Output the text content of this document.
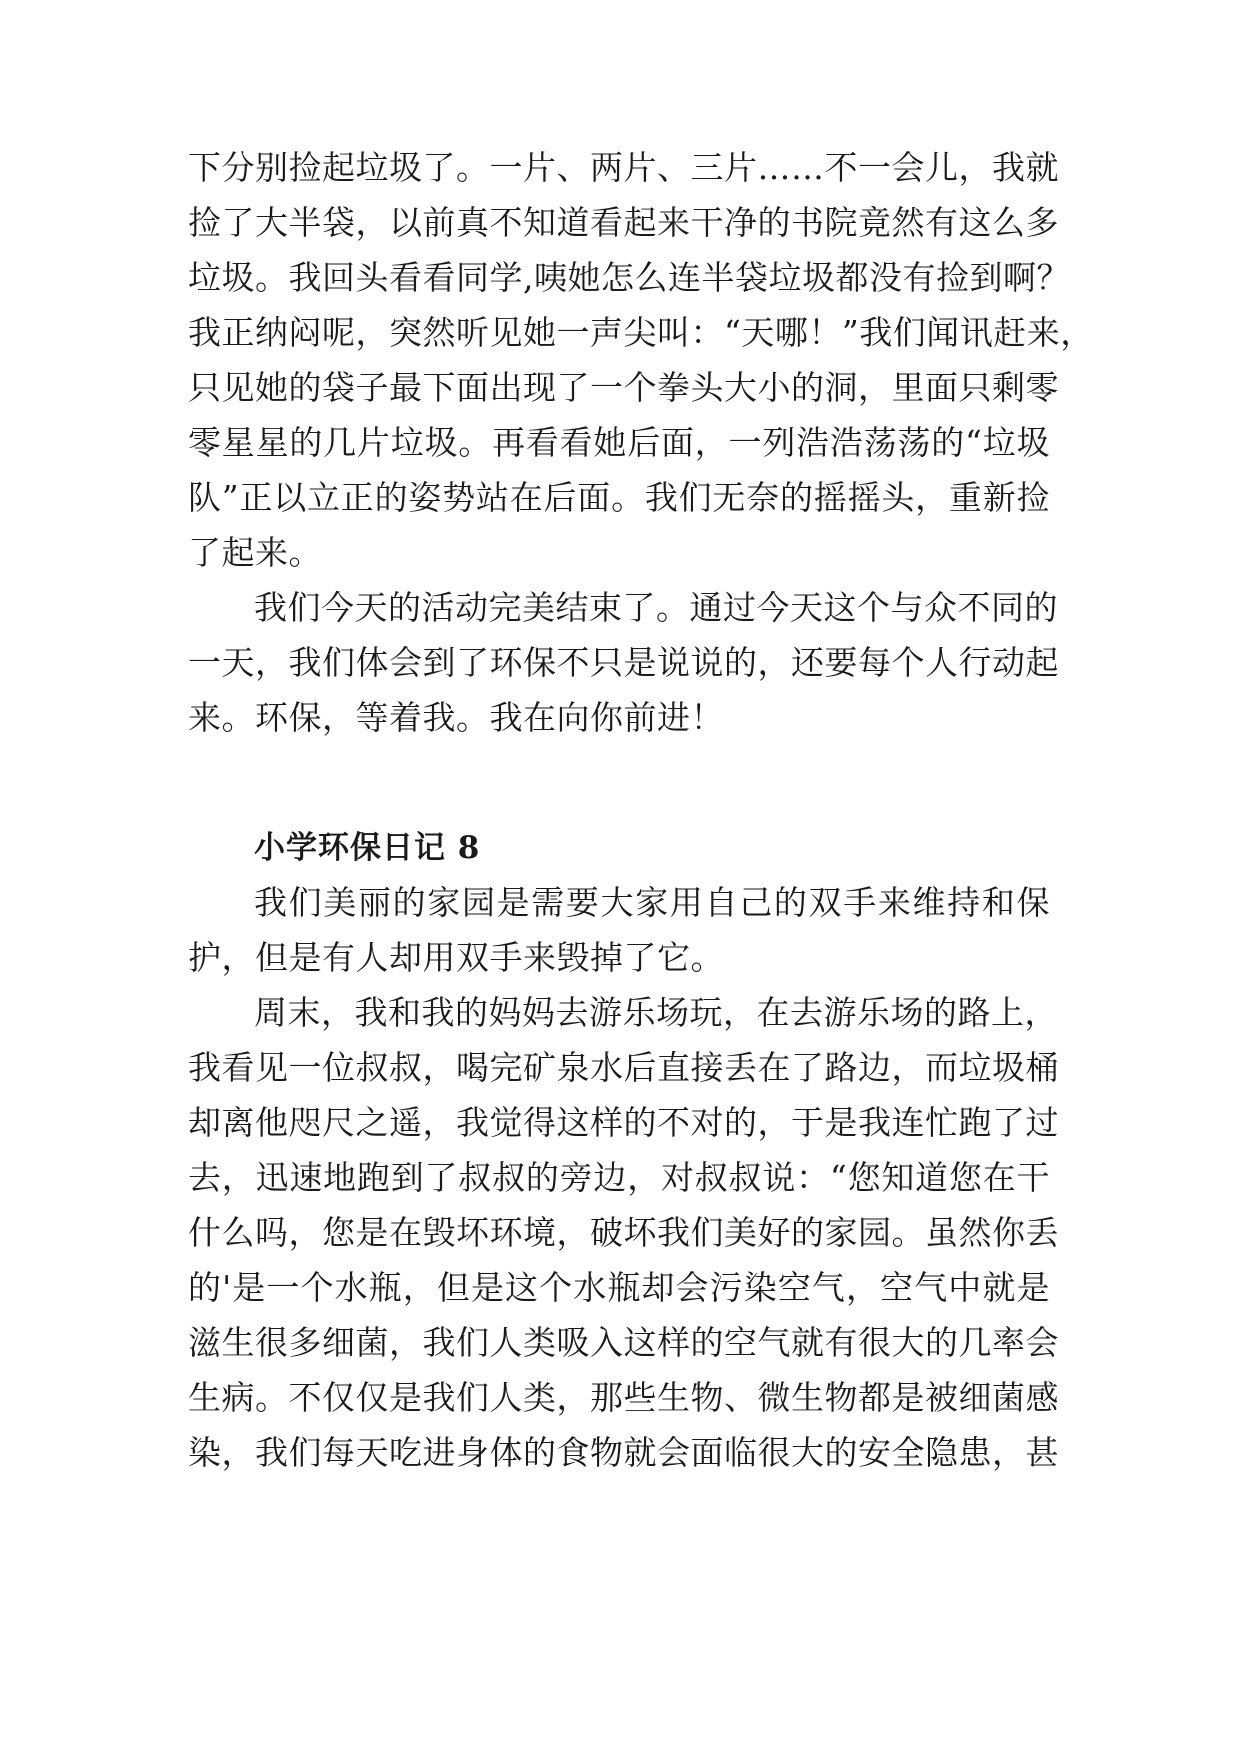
下分别捡起垃圾了。一片、两片、三片……不一会儿，我就

捡了大半袋，以前真不知道看起来干净的书院竟然有这么多

垃圾。我回头看看同学,咦她怎么连半袋垃圾都没有捡到啊？

我正纳闷呢，突然听见她一声尖叫：“天哪！”我们闻讯赶来，

只见她的袋子最下面出现了一个拳头大小的洞，里面只剩零

零星星的几片垃圾。再看看她后面，一列浩浩荡荡的“垃圾

队”正以立正的姿势站在后面。我们无奈的摇摇头，重新捡

了起来。

我们今天的活动完美结束了。通过今天这个与众不同的

一天，我们体会到了环保不只是说说的，还要每个人行动起

来。环保，等着我。我在向你前进！

小学环保日记 8

我们美丽的家园是需要大家用自己的双手来维持和保

护，但是有人却用双手来毁掉了它。

周末，我和我的妈妈去游乐场玩，在去游乐场的路上，

我看见一位叔叔，喝完矿泉水后直接丢在了路边，而垃圾桶

却离他咫尺之遥，我觉得这样的不对的，于是我连忙跑了过

去，迅速地跑到了叔叔的旁边，对叔叔说：“您知道您在干

什么吗，您是在毁坏环境，破坏我们美好的家园。虽然你丢

的'是一个水瓶，但是这个水瓶却会污染空气，空气中就是

滋生很多细菌，我们人类吸入这样的空气就有很大的几率会

生病。不仅仅是我们人类，那些生物、微生物都是被细菌感

染，我们每天吃进身体的食物就会面临很大的安全隐患，甚
